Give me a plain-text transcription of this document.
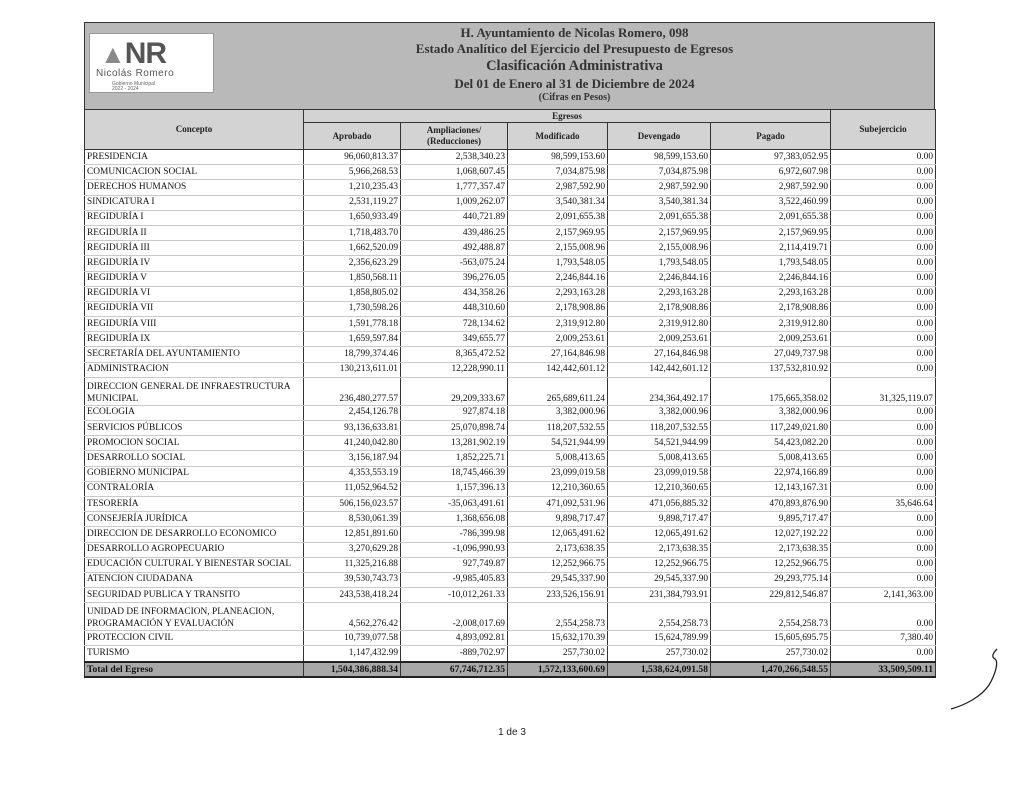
▲NR
Nicolás Romero
Gobierno Municipal
2022 - 2024
H. Ayuntamiento de Nicolas Romero, 098
Estado Analítico del Ejercicio del Presupuesto de Egresos
Clasificación Administrativa
Del 01 de Enero al 31 de Diciembre de 2024
(Cifras en Pesos)
Concepto	Egresos					Subejercicio
	Aprobado	Ampliaciones/ (Reducciones)	Modificado	Devengado	Pagado	
PRESIDENCIA	96,060,813.37	2,538,340.23	98,599,153.60	98,599,153.60	97,383,052.95	0.00
COMUNICACION SOCIAL	5,966,268.53	1,068,607.45	7,034,875.98	7,034,875.98	6,972,607.98	0.00
DERECHOS HUMANOS	1,210,235.43	1,777,357.47	2,987,592.90	2,987,592.90	2,987,592.90	0.00
SINDICATURA I	2,531,119.27	1,009,262.07	3,540,381.34	3,540,381.34	3,522,460.99	0.00
REGIDURÍA I	1,650,933.49	440,721.89	2,091,655.38	2,091,655.38	2,091,655.38	0.00
REGIDURÍA II	1,718,483.70	439,486.25	2,157,969.95	2,157,969.95	2,157,969.95	0.00
REGIDURÍA III	1,662,520.09	492,488.87	2,155,008.96	2,155,008.96	2,114,419.71	0.00
REGIDURÍA IV	2,356,623.29	-563,075.24	1,793,548.05	1,793,548.05	1,793,548.05	0.00
REGIDURÍA V	1,850,568.11	396,276.05	2,246,844.16	2,246,844.16	2,246,844.16	0.00
REGIDURÍA VI	1,858,805.02	434,358.26	2,293,163.28	2,293,163.28	2,293,163.28	0.00
REGIDURÍA VII	1,730,598.26	448,310.60	2,178,908.86	2,178,908.86	2,178,908.86	0.00
REGIDURÍA VIII	1,591,778.18	728,134.62	2,319,912.80	2,319,912.80	2,319,912.80	0.00
REGIDURÍA IX	1,659,597.84	349,655.77	2,009,253.61	2,009,253.61	2,009,253.61	0.00
SECRETARÍA DEL AYUNTAMIENTO	18,799,374.46	8,365,472.52	27,164,846.98	27,164,846.98	27,049,737.98	0.00
ADMINISTRACION	130,213,611.01	12,228,990.11	142,442,601.12	142,442,601.12	137,532,810.92	0.00
DIRECCION GENERAL DE INFRAESTRUCTURA MUNICIPAL	236,480,277.57	29,209,333.67	265,689,611.24	234,364,492.17	175,665,358.02	31,325,119.07
ECOLOGIA	2,454,126.78	927,874.18	3,382,000.96	3,382,000.96	3,382,000.96	0.00
SERVICIOS PÚBLICOS	93,136,633.81	25,070,898.74	118,207,532.55	118,207,532.55	117,249,021.80	0.00
PROMOCION SOCIAL	41,240,042.80	13,281,902.19	54,521,944.99	54,521,944.99	54,423,082.20	0.00
DESARROLLO SOCIAL	3,156,187.94	1,852,225.71	5,008,413.65	5,008,413.65	5,008,413.65	0.00
GOBIERNO MUNICIPAL	4,353,553.19	18,745,466.39	23,099,019.58	23,099,019.58	22,974,166.89	0.00
CONTRALORÍA	11,052,964.52	1,157,396.13	12,210,360.65	12,210,360.65	12,143,167.31	0.00
TESORERÍA	506,156,023.57	-35,063,491.61	471,092,531.96	471,056,885.32	470,893,876.90	35,646.64
CONSEJERÍA JURÍDICA	8,530,061.39	1,368,656.08	9,898,717.47	9,898,717.47	9,895,717.47	0.00
DIRECCION DE DESARROLLO ECONOMICO	12,851,891.60	-786,399.98	12,065,491.62	12,065,491.62	12,027,192.22	0.00
DESARROLLO AGROPECUARIO	3,270,629.28	-1,096,990.93	2,173,638.35	2,173,638.35	2,173,638.35	0.00
EDUCACIÓN CULTURAL Y BIENESTAR SOCIAL	11,325,216.88	927,749.87	12,252,966.75	12,252,966.75	12,252,966.75	0.00
ATENCION CIUDADANA	39,530,743.73	-9,985,405.83	29,545,337.90	29,545,337.90	29,293,775.14	0.00
SEGURIDAD PUBLICA Y TRANSITO	243,538,418.24	-10,012,261.33	233,526,156.91	231,384,793.91	229,812,546.87	2,141,363.00
UNIDAD DE INFORMACION, PLANEACION, PROGRAMACIÓN Y EVALUACIÓN	4,562,276.42	-2,008,017.69	2,554,258.73	2,554,258.73	2,554,258.73	0.00
PROTECCION CIVIL	10,739,077.58	4,893,092.81	15,632,170.39	15,624,789.99	15,605,695.75	7,380.40
TURISMO	1,147,432.99	-889,702.97	257,730.02	257,730.02	257,730.02	0.00
Total del Egreso	1,504,386,888.34	67,746,712.35	1,572,133,600.69	1,538,624,091.58	1,470,266,548.55	33,509,509.11
1 de 3
